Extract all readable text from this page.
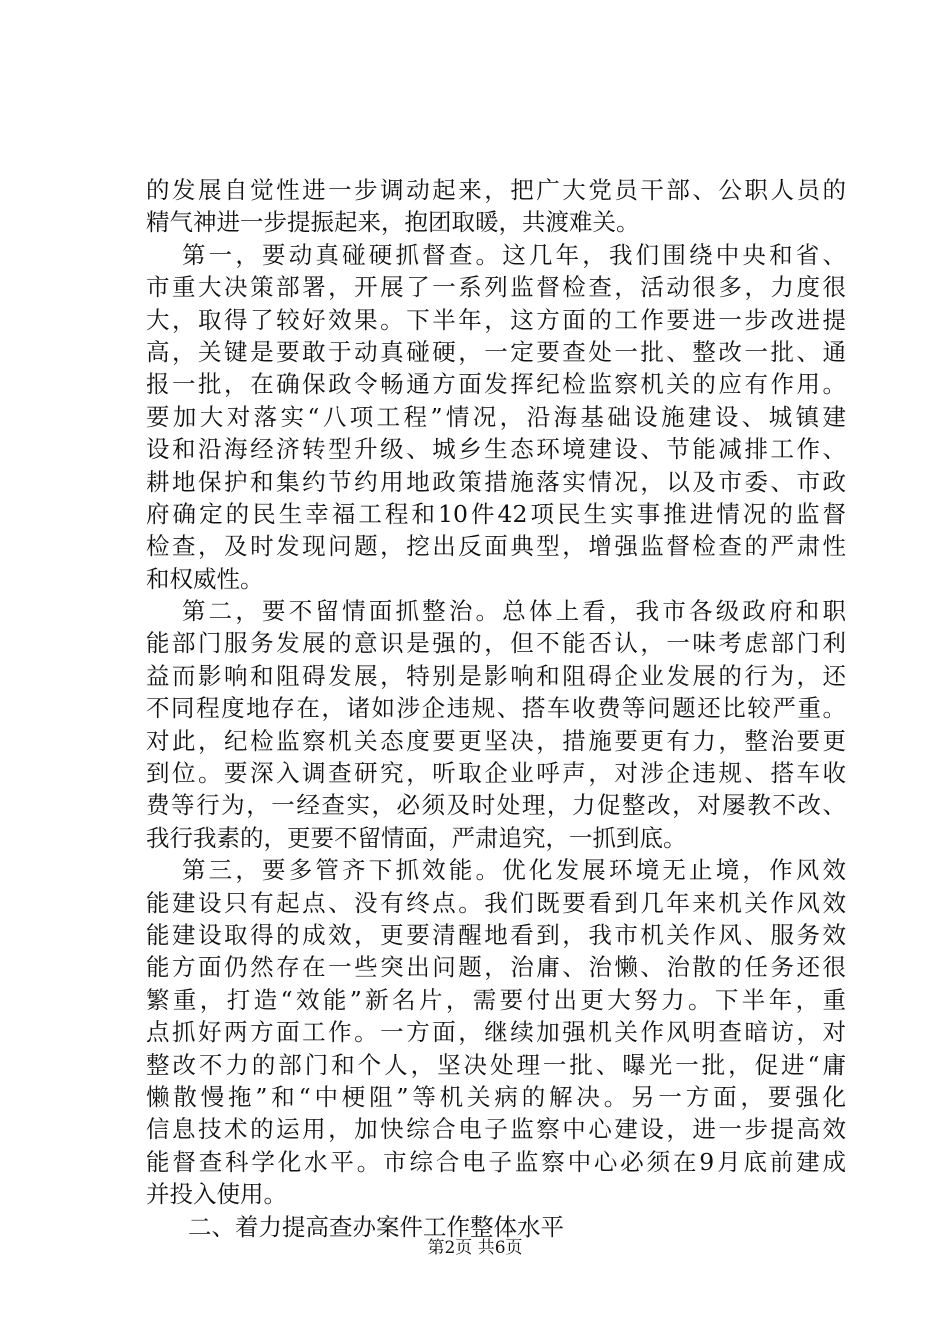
的发展自觉性进一步调动起来，把广大党员干部、公职人员的
精气神进一步提振起来，抱团取暖，共渡难关。
第一，要动真碰硬抓督查。这几年，我们围绕中央和省、
市重大决策部署，开展了一系列监督检查，活动很多，力度很
大，取得了较好效果。下半年，这方面的工作要进一步改进提
高，关键是要敢于动真碰硬，一定要查处一批、整改一批、通
报一批，在确保政令畅通方面发挥纪检监察机关的应有作用。
要加大对落实“八项工程”情况，沿海基础设施建设、城镇建
设和沿海经济转型升级、城乡生态环境建设、节能减排工作、
耕地保护和集约节约用地政策措施落实情况，以及市委、市政
府确定的民生幸福工程和10件42项民生实事推进情况的监督
检查，及时发现问题，挖出反面典型，增强监督检查的严肃性
和权威性。
第二，要不留情面抓整治。总体上看，我市各级政府和职
能部门服务发展的意识是强的，但不能否认，一味考虑部门利
益而影响和阻碍发展，特别是影响和阻碍企业发展的行为，还
不同程度地存在，诸如涉企违规、搭车收费等问题还比较严重。
对此，纪检监察机关态度要更坚决，措施要更有力，整治要更
到位。要深入调查研究，听取企业呼声，对涉企违规、搭车收
费等行为，一经查实，必须及时处理，力促整改，对屡教不改、
我行我素的，更要不留情面，严肃追究，一抓到底。
第三，要多管齐下抓效能。优化发展环境无止境，作风效
能建设只有起点、没有终点。我们既要看到几年来机关作风效
能建设取得的成效，更要清醒地看到，我市机关作风、服务效
能方面仍然存在一些突出问题，治庸、治懒、治散的任务还很
繁重，打造“效能”新名片，需要付出更大努力。下半年，重
点抓好两方面工作。一方面，继续加强机关作风明查暗访，对
整改不力的部门和个人，坚决处理一批、曝光一批，促进“庸
懒散慢拖”和“中梗阻”等机关病的解决。另一方面，要强化
信息技术的运用，加快综合电子监察中心建设，进一步提高效
能督查科学化水平。市综合电子监察中心必须在9月底前建成
并投入使用。
二、着力提高查办案件工作整体水平
第2页 共6页
